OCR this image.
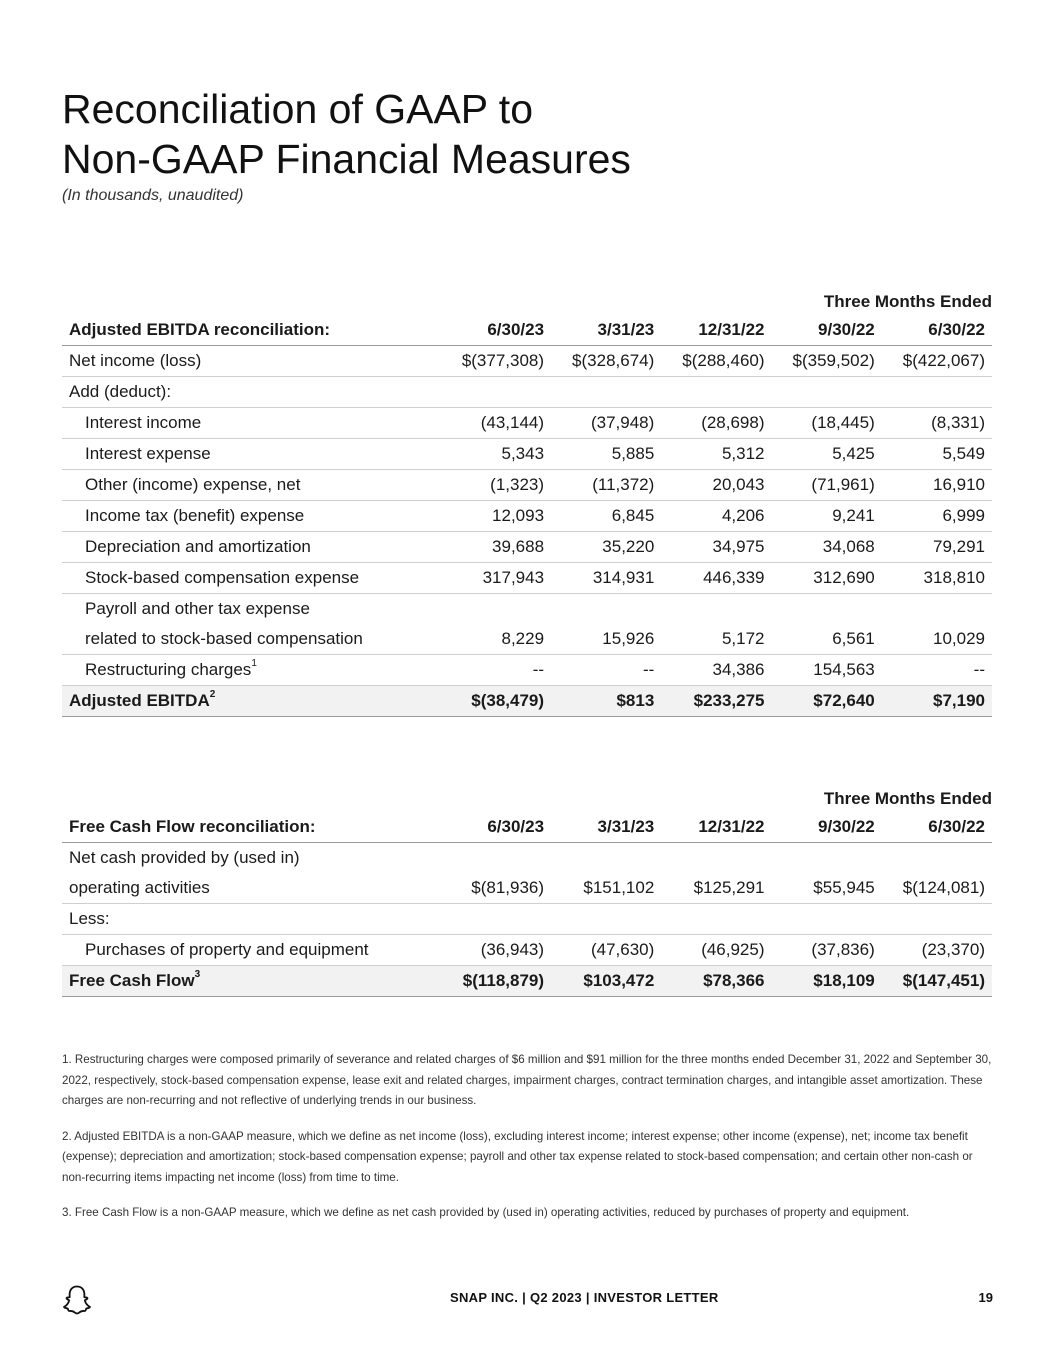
Reconciliation of GAAP to
Non-GAAP Financial Measures
(In thousands, unaudited)
Three Months Ended					
Adjusted EBITDA reconciliation:	6/30/23	3/31/23	12/31/22	9/30/22	6/30/22
Net income (loss)	$(377,308)	$(328,674)	$(288,460)	$(359,502)	$(422,067)
Add (deduct):					
Interest income	(43,144)	(37,948)	(28,698)	(18,445)	(8,331)
Interest expense	5,343	5,885	5,312	5,425	5,549
Other (income) expense, net	(1,323)	(11,372)	20,043	(71,961)	16,910
Income tax (benefit) expense	12,093	6,845	4,206	9,241	6,999
Depreciation and amortization	39,688	35,220	34,975	34,068	79,291
Stock-based compensation expense	317,943	314,931	446,339	312,690	318,810
Payroll and other tax expense					
related to stock-based compensation	8,229	15,926	5,172	6,561	10,029
Restructuring charges$^1$	--	--	34,386	154,563	--
Adjusted EBITDA$^2$	$(38,479)	$813	$233,275	$72,640	$7,190
Three Months Ended					
Free Cash Flow reconciliation:	6/30/23	3/31/23	12/31/22	9/30/22	6/30/22
Net cash provided by (used in)					
operating activities	$(81,936)	$151,102	$125,291	$55,945	$(124,081)
Less:					
Purchases of property and equipment	(36,943)	(47,630)	(46,925)	(37,836)	(23,370)
Free Cash Flow$^3$	$(118,879)	$103,472	$78,366	$18,109	$(147,451)

1. Restructuring charges were composed primarily of severance and related charges of $6 million and $91 million for the three months ended December 31, 2022 and September 30, 2022, respectively, stock-based compensation expense, lease exit and related charges, impairment charges, contract termination charges, and intangible asset amortization. These charges are non-recurring and not reflective of underlying trends in our business.

2. Adjusted EBITDA is a non-GAAP measure, which we define as net income (loss), excluding interest income; interest expense; other income (expense), net; income tax benefit (expense); depreciation and amortization; stock-based compensation expense; payroll and other tax expense related to stock-based compensation; and certain other non-cash or non-recurring items impacting net income (loss) from time to time.

3. Free Cash Flow is a non-GAAP measure, which we define as net cash provided by (used in) operating activities, reduced by purchases of property and equipment.

SNAP INC. | Q2 2023 | INVESTOR LETTER	19
